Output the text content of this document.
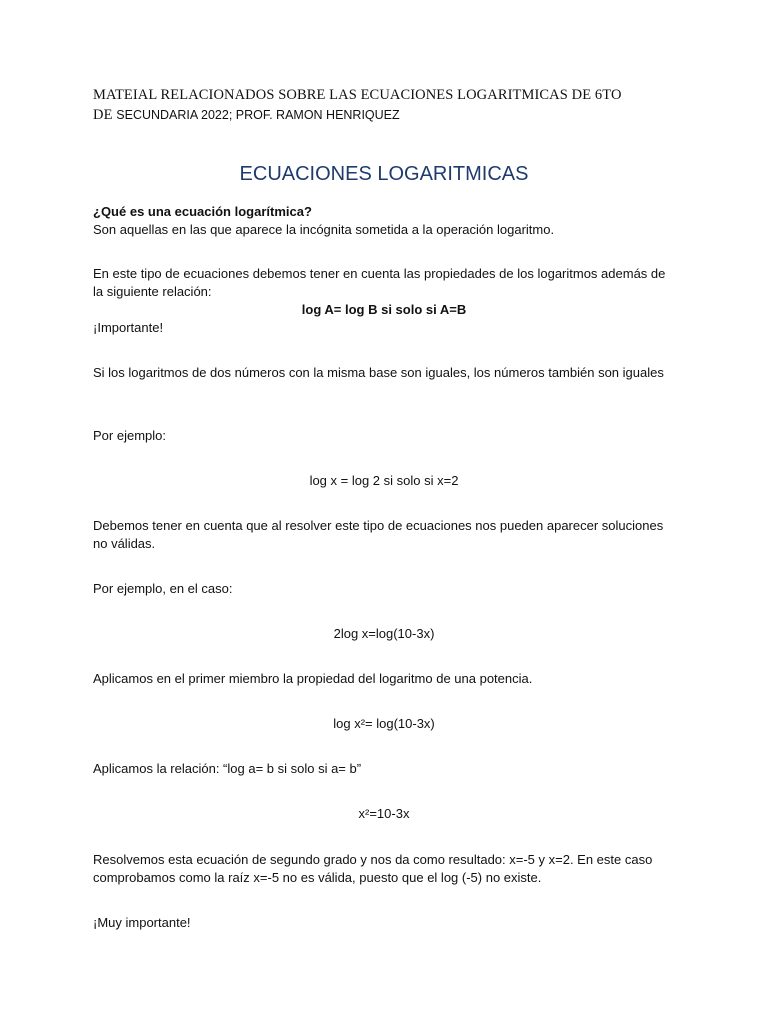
MATEIAL RELACIONADOS SOBRE LAS ECUACIONES LOGARITMICAS DE 6TO
DE SECUNDARIA 2022; PROF. RAMON HENRIQUEZ
ECUACIONES LOGARITMICAS
¿Qué es una ecuación logarítmica?
Son aquellas en las que aparece la incógnita sometida a la operación logaritmo.
En este tipo de ecuaciones debemos tener en cuenta las propiedades de los logaritmos además de la siguiente relación:
log A= log B si solo si A=B
¡Importante!
Si los logaritmos de dos números con la misma base son iguales, los números también son iguales
Por ejemplo:
log x = log 2 si solo si x=2
Debemos tener en cuenta que al resolver este tipo de ecuaciones nos pueden aparecer soluciones no válidas.
Por ejemplo, en el caso:
2log x=log(10-3x)
Aplicamos en el primer miembro la propiedad del logaritmo de una potencia.
log x²= log(10-3x)
Aplicamos la relación: “log a= b si solo si a= b”
x²=10-3x
Resolvemos esta ecuación de segundo grado y nos da como resultado: x=-5 y x=2. En este caso comprobamos como la raíz x=-5 no es válida, puesto que el log (-5) no existe.
¡Muy importante!
